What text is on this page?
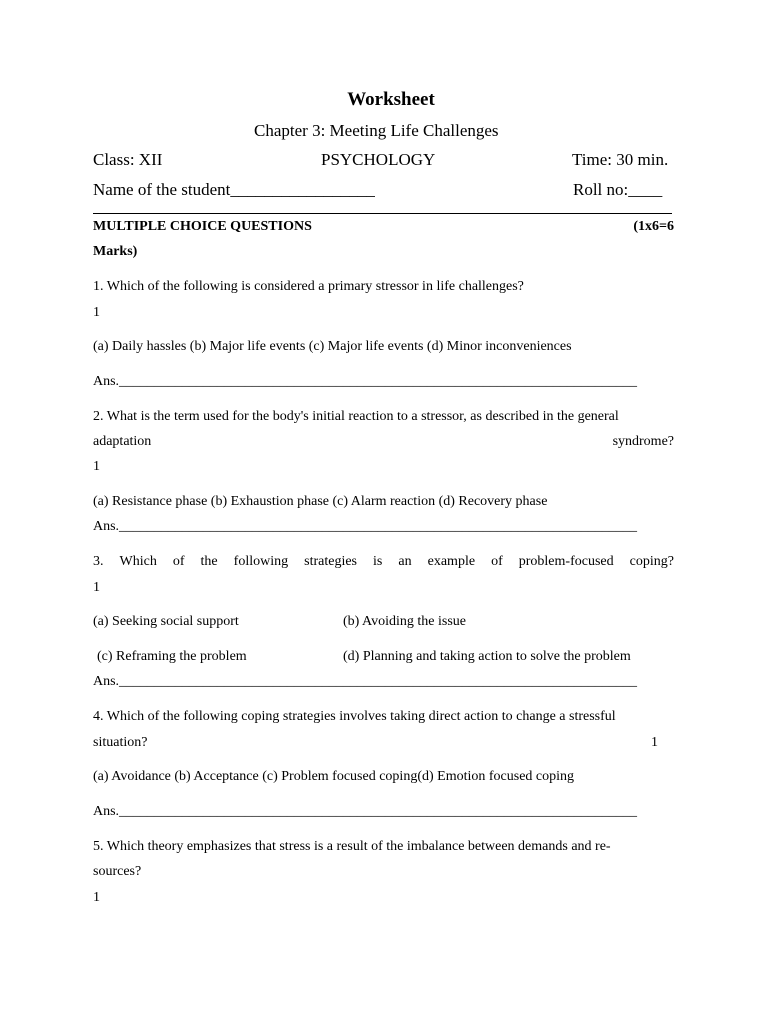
Worksheet
Chapter 3: Meeting Life Challenges
Class: XII	PSYCHOLOGY	Time: 30 min.
Name of the student_________________	Roll no:____
MULTIPLE CHOICE QUESTIONS	(1x6=6
Marks)
1. Which of the following is considered a primary stressor in life challenges?
1
(a) Daily hassles (b) Major life events (c) Major life events (d) Minor inconveniences
Ans.__________________________________________________________________________
2. What is the term used for the body's initial reaction to a stressor, as described in the general
adaptation	syndrome?
1
(a) Resistance phase (b) Exhaustion phase (c) Alarm reaction (d) Recovery phase
Ans.__________________________________________________________________________
3. Which of the following strategies is an example of problem-focused coping?
1
(a) Seeking social support	(b) Avoiding the issue
(c) Reframing the problem	(d) Planning and taking action to solve the problem
Ans.__________________________________________________________________________
4. Which of the following coping strategies involves taking direct action to change a stressful
situation?	1
(a) Avoidance (b) Acceptance (c) Problem focused coping(d) Emotion focused coping
Ans.__________________________________________________________________________
5. Which theory emphasizes that stress is a result of the imbalance between demands and re-
sources?
1
